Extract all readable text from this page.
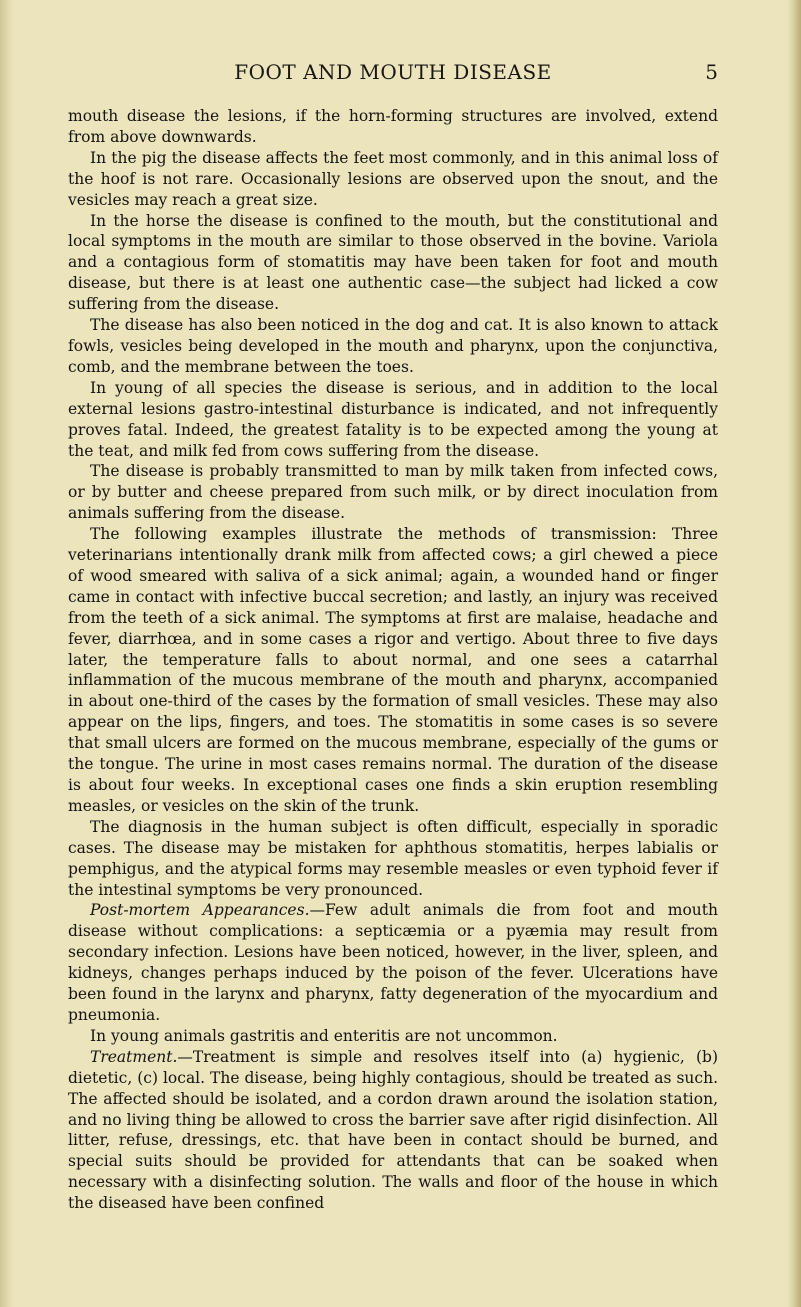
FOOT AND MOUTH DISEASE	5

mouth disease the lesions, if the horn-forming structures are involved, extend from above downwards.

In the pig the disease affects the feet most commonly, and in this animal loss of the hoof is not rare. Occasionally lesions are observed upon the snout, and the vesicles may reach a great size.

In the horse the disease is confined to the mouth, but the constitutional and local symptoms in the mouth are similar to those observed in the bovine. Variola and a contagious form of stomatitis may have been taken for foot and mouth disease, but there is at least one authentic case—the subject had licked a cow suffering from the disease.

The disease has also been noticed in the dog and cat. It is also known to attack fowls, vesicles being developed in the mouth and pharynx, upon the conjunctiva, comb, and the membrane between the toes.

In young of all species the disease is serious, and in addition to the local external lesions gastro-intestinal disturbance is indicated, and not infrequently proves fatal. Indeed, the greatest fatality is to be expected among the young at the teat, and milk fed from cows suffering from the disease.

The disease is probably transmitted to man by milk taken from infected cows, or by butter and cheese prepared from such milk, or by direct inoculation from animals suffering from the disease.

The following examples illustrate the methods of transmission: Three veterinarians intentionally drank milk from affected cows; a girl chewed a piece of wood smeared with saliva of a sick animal; again, a wounded hand or finger came in contact with infective buccal secretion; and lastly, an injury was received from the teeth of a sick animal. The symptoms at first are malaise, headache and fever, diarrhœa, and in some cases a rigor and vertigo. About three to five days later, the temperature falls to about normal, and one sees a catarrhal inflammation of the mucous membrane of the mouth and pharynx, accompanied in about one-third of the cases by the formation of small vesicles. These may also appear on the lips, fingers, and toes. The stomatitis in some cases is so severe that small ulcers are formed on the mucous membrane, especially of the gums or the tongue. The urine in most cases remains normal. The duration of the disease is about four weeks. In exceptional cases one finds a skin eruption resembling measles, or vesicles on the skin of the trunk.

The diagnosis in the human subject is often difficult, especially in sporadic cases. The disease may be mistaken for aphthous stomatitis, herpes labialis or pemphigus, and the atypical forms may resemble measles or even typhoid fever if the intestinal symptoms be very pronounced.

Post-mortem Appearances.—Few adult animals die from foot and mouth disease without complications: a septicæmia or a pyæmia may result from secondary infection. Lesions have been noticed, however, in the liver, spleen, and kidneys, changes perhaps induced by the poison of the fever. Ulcerations have been found in the larynx and pharynx, fatty degeneration of the myocardium and pneumonia.

In young animals gastritis and enteritis are not uncommon.

Treatment.—Treatment is simple and resolves itself into (a) hygienic, (b) dietetic, (c) local. The disease, being highly contagious, should be treated as such. The affected should be isolated, and a cordon drawn around the isolation station, and no living thing be allowed to cross the barrier save after rigid disinfection. All litter, refuse, dressings, etc. that have been in contact should be burned, and special suits should be provided for attendants that can be soaked when necessary with a disinfecting solution. The walls and floor of the house in which the diseased have been confined
